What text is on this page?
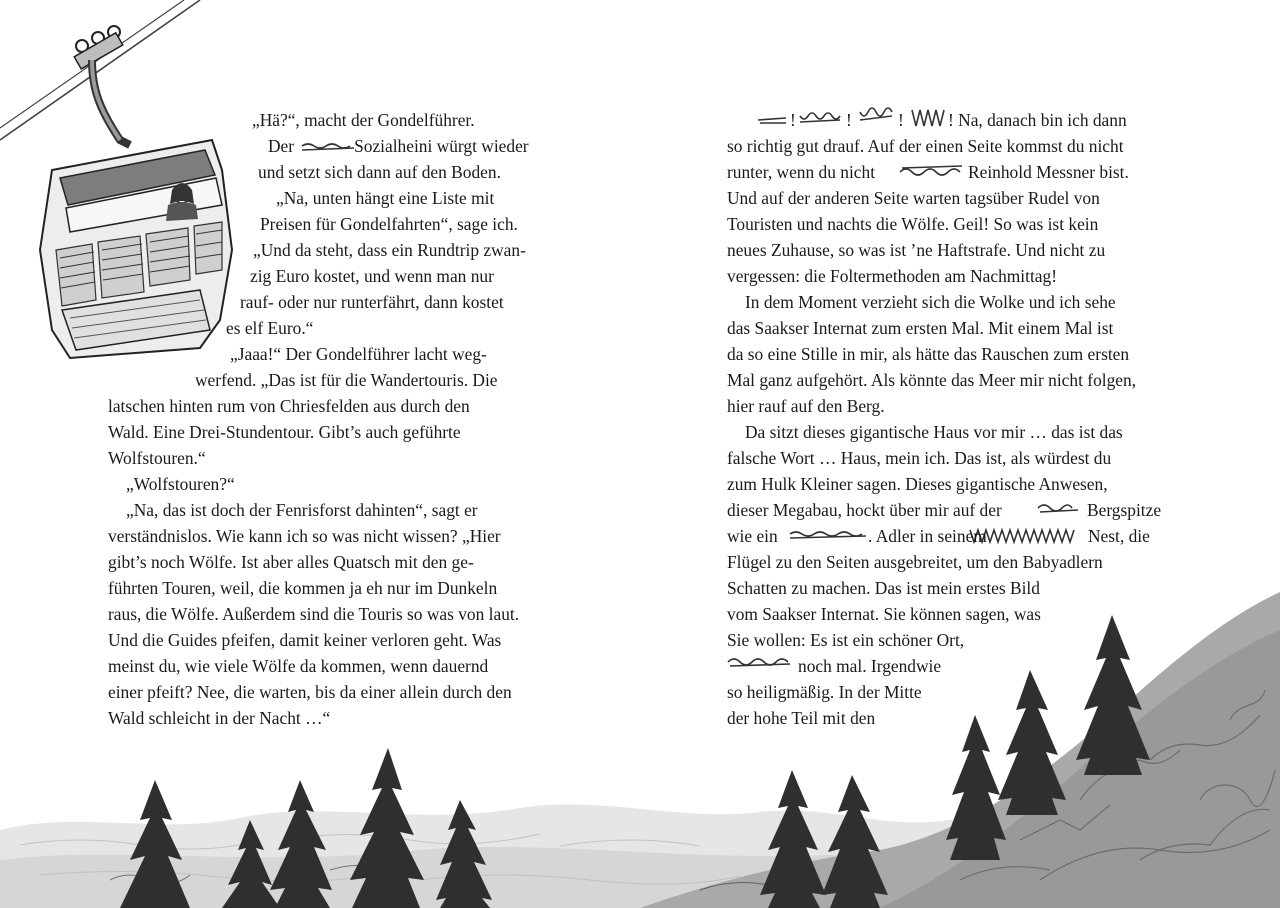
„Hä?“, macht der Gondelführer.
Der	Sozialheini würgt wieder
und setzt sich dann auf den Boden.
„Na, unten hängt eine Liste mit
Preisen für Gondelfahrten“, sage ich.
„Und da steht, dass ein Rundtrip zwan-
zig Euro kostet, und wenn man nur
rauf- oder nur runterfährt, dann kostet
es elf Euro.“
„Jaaa!“ Der Gondelführer lacht weg-
werfend. „Das ist für die Wandertouris. Die
latschen hinten rum von Chriesfelden aus durch den
Wald. Eine Drei-Stundentour. Gibt’s auch geführte
Wolfstouren.“
„Wolfstouren?“
„Na, das ist doch der Fenrisforst dahinten“, sagt er
verständnislos. Wie kann ich so was nicht wissen? „Hier
gibt’s noch Wölfe. Ist aber alles Quatsch mit den ge-
führten Touren, weil, die kommen ja eh nur im Dunkeln
raus, die Wölfe. Außerdem sind die Touris so was von laut.
Und die Guides pfeifen, damit keiner verloren geht. Was
meinst du, wie viele Wölfe da kommen, wenn dauernd
einer pfeift? Nee, die warten, bis da einer allein durch den
Wald schleicht in der Nacht …“
!	!	!	! Na, danach bin ich dann
so richtig gut drauf. Auf der einen Seite kommst du nicht
runter, wenn du nicht	Reinhold Messner bist.
Und auf der anderen Seite warten tagsüber Rudel von
Touristen und nachts die Wölfe. Geil! So was ist kein
neues Zuhause, so was ist ’ne Haftstrafe. Und nicht zu
vergessen: die Foltermethoden am Nachmittag!
In dem Moment verzieht sich die Wolke und ich sehe
das Saakser Internat zum ersten Mal. Mit einem Mal ist
da so eine Stille in mir, als hätte das Rauschen zum ersten
Mal ganz aufgehört. Als könnte das Meer mir nicht folgen,
hier rauf auf den Berg.
Da sitzt dieses gigantische Haus vor mir … das ist das
falsche Wort … Haus, mein ich. Das ist, als würdest du
zum Hulk Kleiner sagen. Dieses gigantische Anwesen,
dieser Megabau, hockt über mir auf der	Bergspitze
wie ein	. Adler in seinem	Nest, die
Flügel zu den Seiten ausgebreitet, um den Babyadlern
Schatten zu machen. Das ist mein erstes Bild
vom Saakser Internat. Sie können sagen, was
Sie wollen: Es ist ein schöner Ort,
noch mal. Irgendwie
so heiligmäßig. In der Mitte
der hohe Teil mit den
